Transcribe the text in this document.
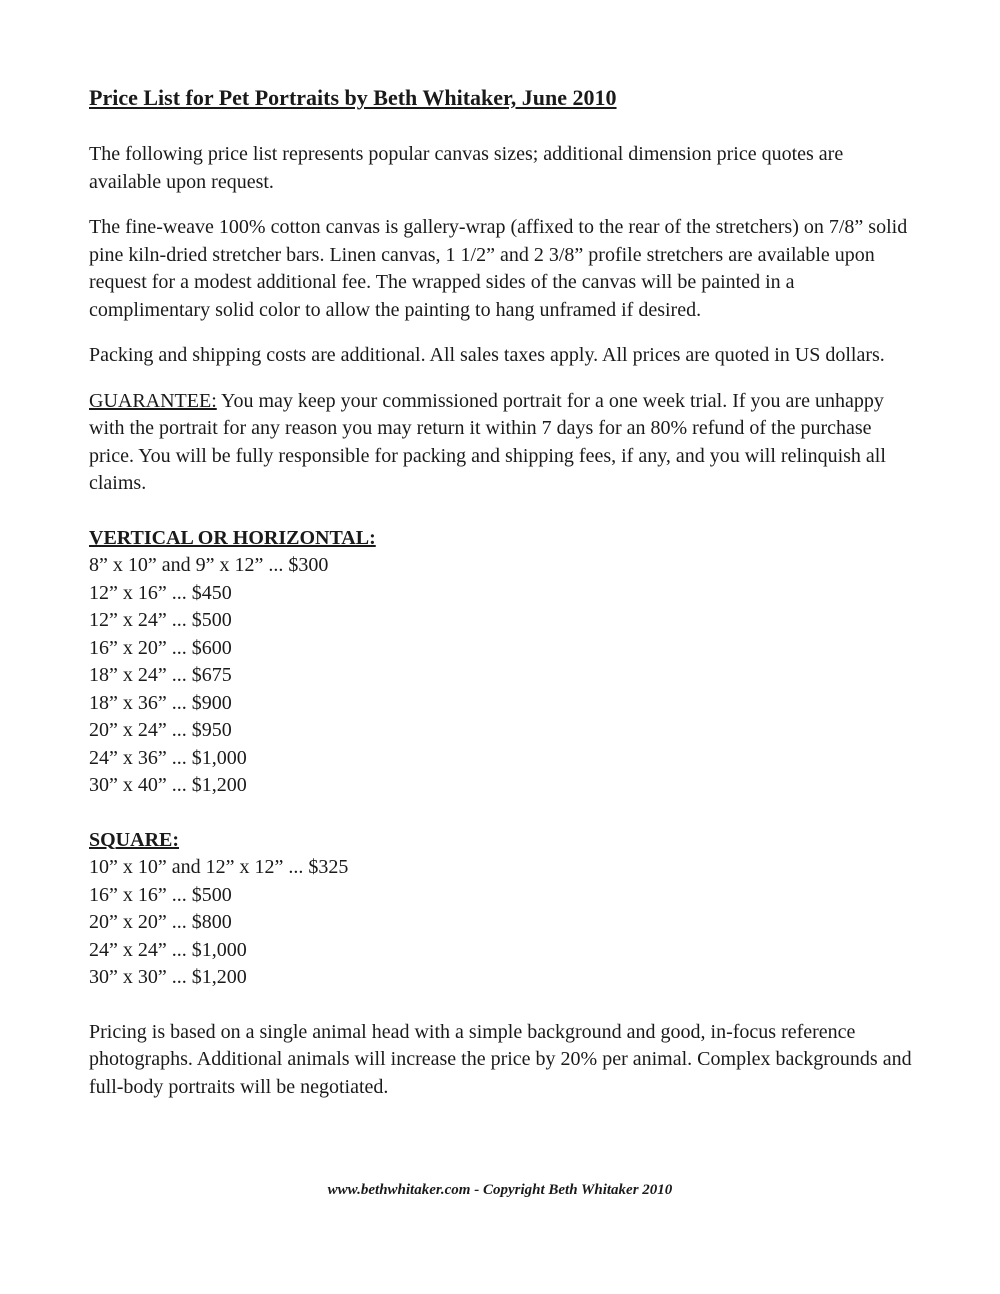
Price List for Pet Portraits by Beth Whitaker, June 2010

The following price list represents popular canvas sizes; additional dimension price quotes are available upon request.

The fine-weave 100% cotton canvas is gallery-wrap (affixed to the rear of the stretchers) on 7/8” solid pine kiln-dried stretcher bars. Linen canvas, 1 1/2” and 2 3/8” profile stretchers are available upon request for a modest additional fee. The wrapped sides of the canvas will be painted in a complimentary solid color to allow the painting to hang unframed if desired.

Packing and shipping costs are additional. All sales taxes apply. All prices are quoted in US dollars.

GUARANTEE: You may keep your commissioned portrait for a one week trial. If you are unhappy with the portrait for any reason you may return it within 7 days for an 80% refund of the purchase price. You will be fully responsible for packing and shipping fees, if any, and you will relinquish all claims.

VERTICAL OR HORIZONTAL:
8” x 10” and 9” x 12” ... $300
12” x 16” ... $450
12” x 24” ... $500
16” x 20” ... $600
18” x 24” ... $675
18” x 36” ... $900
20” x 24” ... $950
24” x 36” ... $1,000
30” x 40” ... $1,200
SQUARE:
10” x 10” and 12” x 12” ... $325
16” x 16” ... $500
20” x 20” ... $800
24” x 24” ... $1,000
30” x 30” ... $1,200

Pricing is based on a single animal head with a simple background and good, in-focus reference photographs. Additional animals will increase the price by 20% per animal. Complex backgrounds and full-body portraits will be negotiated.

www.bethwhitaker.com - Copyright Beth Whitaker 2010
